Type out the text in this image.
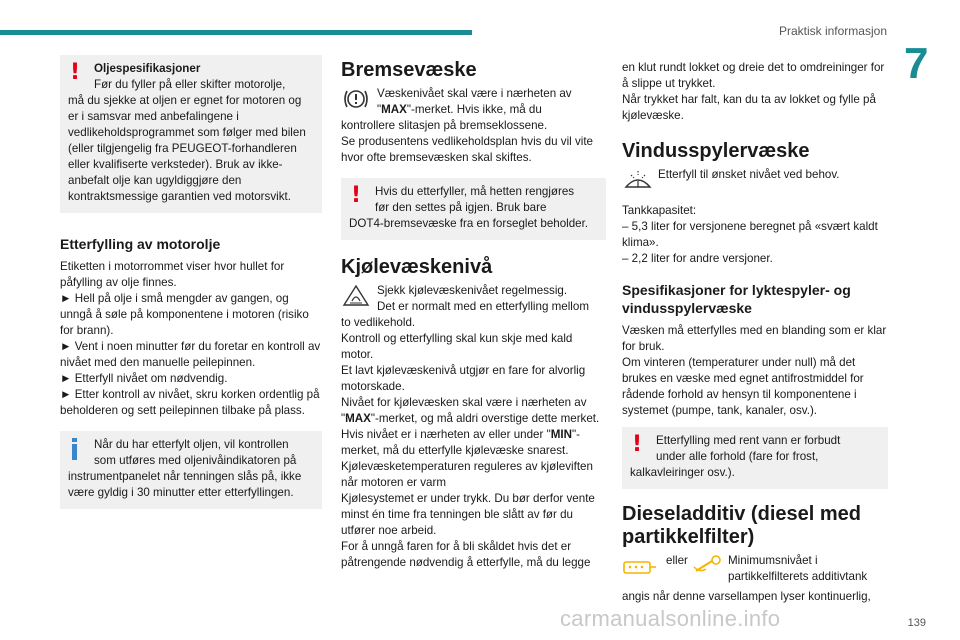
Praktisk informasjon
7
!	Oljespesifikasjoner

Før du fyller på eller skifter motorolje,

må du sjekke at oljen er egnet for motoren og er i samsvar med anbefalingene i vedlikeholdsprogrammet som følger med bilen (eller tilgjengelig fra PEUGEOT-forhandleren eller kvalifiserte verksteder). Bruk av ikke-anbefalt olje kan ugyldiggjøre den kontraktsmessige garantien ved motorsvikt.

Etterfylling av motorolje

Etiketten i motorrommet viser hvor hullet for påfylling av olje finnes.

► Hell på olje i små mengder av gangen, og unngå å søle på komponentene i motoren (risiko for brann).

► Vent i noen minutter før du foretar en kontroll av nivået med den manuelle peilepinnen.

► Etterfyll nivået om nødvendig.

► Etter kontroll av nivået, skru korken ordentlig på beholderen og sett peilepinnen tilbake på plass.

Når du har etterfylt oljen, vil kontrollen

som utføres med oljenivåindikatoren på

instrumentpanelet når tenningen slås på, ikke være gyldig i 30 minutter etter etterfyllingen.

Bremsevæske

Væskenivået skal være i nærheten av

"MAX"-merket. Hvis ikke, må du

kontrollere slitasjen på bremseklossene.

Se produsentens vedlikeholdsplan hvis du vil vite hvor ofte bremsevæsken skal skiftes.

!	Hvis du etterfyller, må hetten rengjøres

før den settes på igjen. Bruk bare

DOT4-bremsevæske fra en forseglet beholder.

Kjølevæskenivå

Sjekk kjølevæskenivået regelmessig.

Det er normalt med en etterfylling mellom

to vedlikehold.

Kontroll og etterfylling skal kun skje med kald motor.

Et lavt kjølevæskenivå utgjør en fare for alvorlig motorskade.

Nivået for kjølevæsken skal være i nærheten av "MAX"-merket, og må aldri overstige dette merket.

Hvis nivået er i nærheten av eller under "MIN"-merket, må du etterfylle kjølevæske snarest.

Kjølevæsketemperaturen reguleres av kjøleviften når motoren er varm

Kjølesystemet er under trykk. Du bør derfor vente minst én time fra tenningen ble slått av før du utfører noe arbeid.

For å unngå faren for å bli skåldet hvis det er påtrengende nødvendig å etterfylle, må du legge

en klut rundt lokket og dreie det to omdreininger for å slippe ut trykket.

Når trykket har falt, kan du ta av lokket og fylle på kjølevæske.

Vindusspylervæske

Etterfyll til ønsket nivået ved behov.

Tankkapasitet:

– 5,3 liter for versjonene beregnet på «svært kaldt klima».

– 2,2 liter for andre versjoner.

Spesifikasjoner for lyktespyler- og vindusspylervæske

Væsken må etterfylles med en blanding som er klar for bruk.

Om vinteren (temperaturer under null) må det brukes en væske med egnet antifrostmiddel for rådende forhold av hensyn til komponentene i systemet (pumpe, tank, kanaler, osv.).

!	Etterfylling med rent vann er forbudt

under alle forhold (fare for frost,

kalkavleiringer osv.).

Dieseladditiv (diesel med partikkelfilter)
eller	Minimumsnivået i
partikkelfilterets additivtank

angis når denne varsellampen lyser kontinuerlig,

carmanualsonline.info	139
